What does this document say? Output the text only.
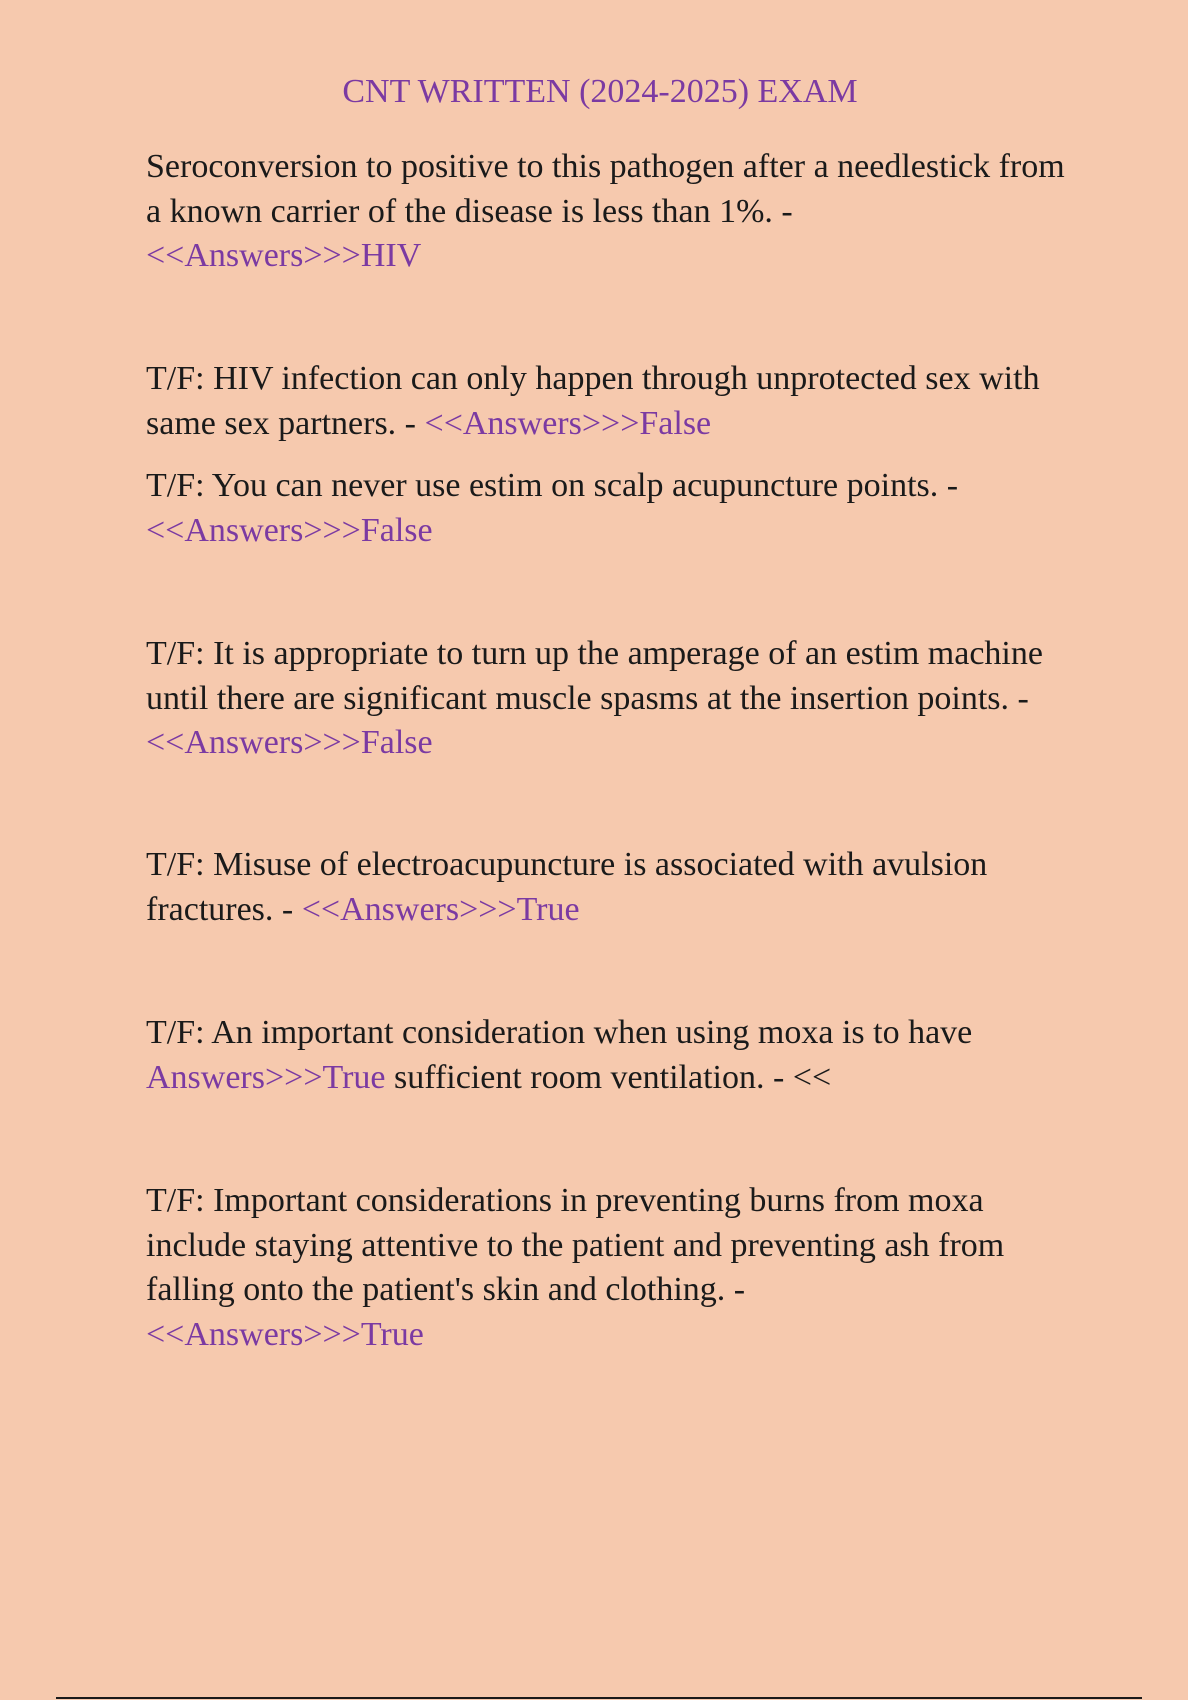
CNT WRITTEN (2024-2025) EXAM

Seroconversion to positive to this pathogen after a needlestick from a known carrier of the disease is less than 1%. -
<<Answers>>>HIV

T/F: HIV infection can only happen through unprotected sex with same sex partners. - <<Answers>>>False

T/F: You can never use estim on scalp acupuncture points. -
<<Answers>>>False

T/F: It is appropriate to turn up the amperage of an estim machine until there are significant muscle spasms at the insertion points. - <<Answers>>>False

T/F: Misuse of electroacupuncture is associated with avulsion fractures. - <<Answers>>>True

T/F: An important consideration when using moxa is to have
Answers>>>True sufficient room ventilation. - <<

T/F: Important considerations in preventing burns from moxa include staying attentive to the patient and preventing ash from falling onto the patient's skin and clothing. -
<<Answers>>>True
